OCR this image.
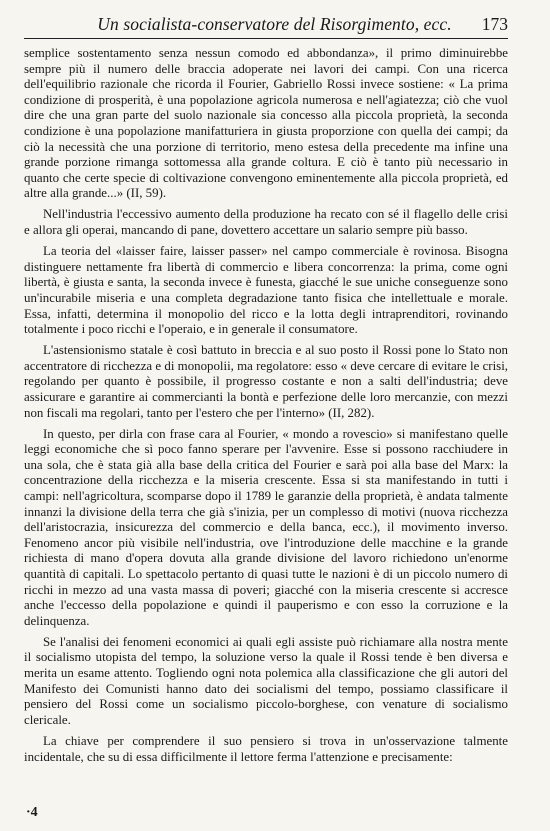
Un socialista-conservatore del Risorgimento, ecc. 173

semplice sostentamento senza nessun comodo ed abbondanza», il primo diminuirebbe sempre più il numero delle braccia adoperate nei lavori dei campi. Con una ricerca dell'equilibrio razionale che ricorda il Fourier, Gabriello Rossi invece sostiene: « La prima condizione di prosperità, è una popolazione agricola numerosa e nell'agiatezza; ciò che vuol dire che una gran parte del suolo nazionale sia concesso alla piccola proprietà, la seconda condizione è una popolazione manifatturiera in giusta proporzione con quella dei campi; da ciò la necessità che una porzione di territorio, meno estesa della precedente ma infine una grande porzione rimanga sottomessa alla grande coltura. E ciò è tanto più necessario in quanto che certe specie di coltivazione convengono eminentemente alla piccola proprietà, ed altre alla grande...» (II, 59).

Nell'industria l'eccessivo aumento della produzione ha recato con sé il flagello delle crisi e allora gli operai, mancando di pane, dovettero accettare un salario sempre più basso.

La teoria del «laisser faire, laisser passer» nel campo commerciale è rovinosa. Bisogna distinguere nettamente fra libertà di commercio e libera concorrenza: la prima, come ogni libertà, è giusta e santa, la seconda invece è funesta, giacché le sue uniche conseguenze sono un'incurabile miseria e una completa degradazione tanto fisica che intellettuale e morale. Essa, infatti, determina il monopolio del ricco e la lotta degli intraprenditori, rovinando totalmente i poco ricchi e l'operaio, e in generale il consumatore.

L'astensionismo statale è così battuto in breccia e al suo posto il Rossi pone lo Stato non accentratore di ricchezza e di monopolii, ma regolatore: esso « deve cercare di evitare le crisi, regolando per quanto è possibile, il progresso costante e non a salti dell'industria; deve assicurare e garantire ai commercianti la bontà e perfezione delle loro mercanzie, con mezzi non fiscali ma regolari, tanto per l'estero che per l'interno» (II, 282).

In questo, per dirla con frase cara al Fourier, « mondo a rovescio» si manifestano quelle leggi economiche che sì poco fanno sperare per l'avvenire. Esse si possono racchiudere in una sola, che è stata già alla base della critica del Fourier e sarà poi alla base del Marx: la concentrazione della ricchezza e la miseria crescente. Essa si sta manifestando in tutti i campi: nell'agricoltura, scomparse dopo il 1789 le garanzie della proprietà, è andata talmente innanzi la divisione della terra che già s'inizia, per un complesso di motivi (nuova ricchezza dell'aristocrazia, insicurezza del commercio e della banca, ecc.), il movimento inverso. Fenomeno ancor più visibile nell'industria, ove l'introduzione delle macchine e la grande richiesta di mano d'opera dovuta alla grande divisione del lavoro richiedono un'enorme quantità di capitali. Lo spettacolo pertanto di quasi tutte le nazioni è di un piccolo numero di ricchi in mezzo ad una vasta massa di poveri; giacché con la miseria crescente si accresce anche l'eccesso della popolazione e quindi il pauperismo e con esso la corruzione e la delinquenza.

Se l'analisi dei fenomeni economici ai quali egli assiste può richiamare alla nostra mente il socialismo utopista del tempo, la soluzione verso la quale il Rossi tende è ben diversa e merita un esame attento. Togliendo ogni nota polemica alla classificazione che gli autori del Manifesto dei Comunisti hanno dato dei socialismi del tempo, possiamo classificare il pensiero del Rossi come un socialismo piccolo-borghese, con venature di socialismo clericale.

La chiave per comprendere il suo pensiero si trova in un'osservazione talmente incidentale, che su di essa difficilmente il lettore ferma l'attenzione e precisamente:

·4
